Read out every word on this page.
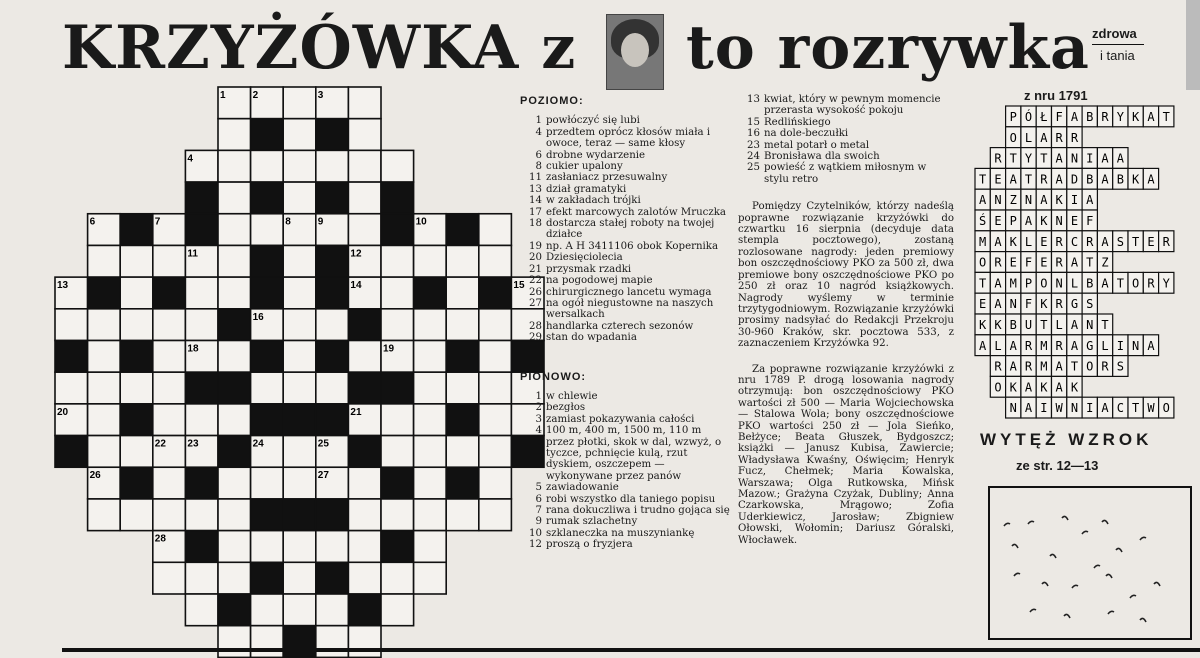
KRZYŻÓWKA z to rozrywka zdrowa
i tania
1	2	3
4
6	7	8	9	10
11	12
13	14	15
16
18	19
20	21
22 23	24	25
26	27
28
POZIOMO:
1 powłóczyć się lubi
4 przedtem oprócz kłosów miała i owoce, teraz — same kłosy
6 drobne wydarzenie
8 cukier upalony
11 zasłaniacz przesuwalny
13 dział gramatyki
14 w zakładach trójki
17 efekt marcowych zalotów Mruczka
18 dostarcza stałej roboty na twojej działce
19 np. A H 3411106 obok Kopernika
20 Dziesięciolecia
21 przysmak rzadki
22 na pogodowej mapie
26 chirurgicznego lancetu wymaga
27 na ogół niegustowne na naszych wersalkach
28 handlarka czterech sezonów
29 stan do wpadania
PIONOWO:
1 w chlewie
2 bezgłos
3 zamiast pokazywania całości
4 100 m, 400 m, 1500 m, 110 m przez płotki, skok w dal, wzwyż, o tyczce, pchnięcie kulą, rzut dyskiem, oszczepem — wykonywane przez panów
5 zawiadowanie
6 robi wszystko dla taniego popisu
7 rana dokuczliwa i trudno gojąca się
9 rumak szlachetny
10 szklaneczka na muszyniankę
12 proszą o fryzjera
13 kwiat, który w pewnym momencie przerasta wysokość pokoju
15 Redlińskiego
16 na dole-beczułki
23 metal potarł o metal
24 Bronisława dla swoich
25 powieść z wątkiem miłosnym w stylu retro
Pomiędzy Czytelników, którzy nadeślą poprawne rozwiązanie krzyżówki do czwartku 16 sierpnia (decyduje data stempla pocztowego), zostaną rozlosowane nagrody: jeden premiowy bon oszczędnościowy PKO za 500 zł, dwa premiowe bony oszczędnościowe PKO po 250 zł oraz 10 nagród książkowych. Nagrody wyślemy w terminie trzytygodniowym. Rozwiązanie krzyżówki prosimy nadsyłać do Redakcji Przekroju 30-960 Kraków, skr. pocztowa 533, z zaznaczeniem Krzyżówka 92.
Za poprawne rozwiązanie krzyżówki z nru 1789 P. drogą losowania nagrody otrzymują: bon oszczędnościowy PKO wartości zł 500 — Maria Wojciechowska — Stalowa Wola; bony oszczędnościowe PKO wartości 250 zł — Jola Sieńko, Bełżyce; Beata Głuszek, Bydgoszcz; książki — Janusz Kubisa, Zawiercie; Władysława Kwaśny, Oświęcim; Henryk Fucz, Chełmek; Maria Kowalska, Warszawa; Olga Rutkowska, Mińsk Mazow.; Grażyna Czyżak, Dubliny; Anna Czarkowska, Mrągowo; Zofia Uderkiewicz, Jarosław; Zbigniew Ołowski, Wołomin; Dariusz Góralski, Włocławek.
z nru 1791
P Ó Ł F A B R Y K A T
O L A R R
R T Y T A N I A A
T E A T R A D B A B K A
A N Z N A K I A
Ś E P A K N E F
M A K L E R C R A S T E R
O R E F E R A T Z
T A M P O N L B A T O R Y
E A N F K R G S
K K B U T L A N T
A L A R M R A G L I N A
R A R M A T O R S
O K A K A K
N A I W N I A C T W O
WYTĘŻ WZROK
ze str. 12—13
